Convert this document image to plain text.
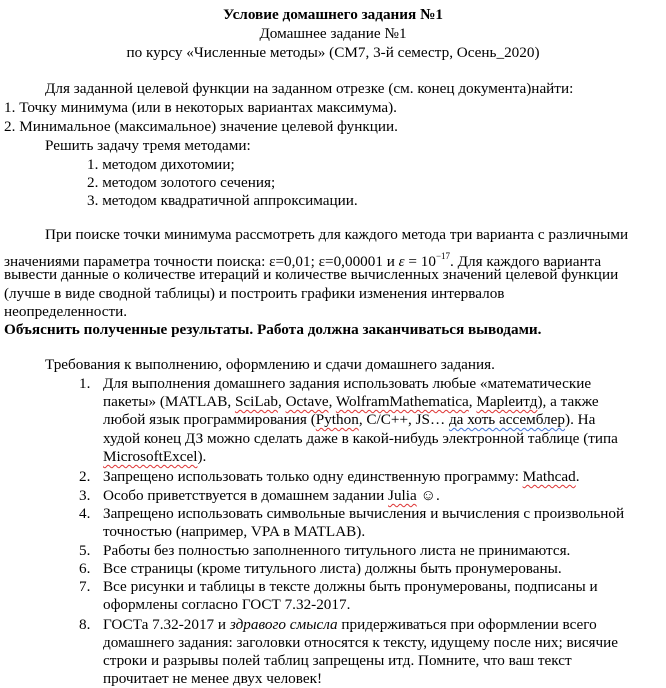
Условие домашнего задания №1
Домашнее задание №1
по курсу «Численные методы» (СМ7, 3-й семестр, Осень_2020)
Для заданной целевой функции на заданном отрезке (см. конец документа)найти:
1. Точку минимума (или в некоторых вариантах максимума).
2. Минимальное (максимальное) значение целевой функции.
Решить задачу тремя методами:
1. методом дихотомии;
2. методом золотого сечения;
3. методом квадратичной аппроксимации.
При поиске точки минимума рассмотреть для каждого метода три варианта с различными
значениями параметра точности поиска: ε=0,01; ε=0,00001 и $\varepsilon = 10^{-17}$. Для каждого варианта
вывести данные о количестве итераций и количестве вычисленных значений целевой функции
(лучше в виде сводной таблицы) и построить графики изменения интервалов
неопределенности.
Объяснить полученные результаты. Работа должна заканчиваться выводами.
Требования к выполнению, оформлению и сдачи домашнего задания.
1. Для выполнения домашнего задания использовать любые «математические
пакеты» (MATLAB, SciLab, Octave, WolframMathematica, Mapleитд), а также
любой язык программирования (Python, C/C++, JS… да хоть ассемблер). На
худой конец ДЗ можно сделать даже в какой-нибудь электронной таблице (типа
MicrosoftExcel).
2. Запрещено использовать только одну единственную программу: Mathcad.
3. Особо приветствуется в домашнем задании Julia ☺.
4. Запрещено использовать символьные вычисления и вычисления с произвольной
точностью (например, VPA в MATLAB).
5. Работы без полностью заполненного титульного листа не принимаются.
6. Все страницы (кроме титульного листа) должны быть пронумерованы.
7. Все рисунки и таблицы в тексте должны быть пронумерованы, подписаны и
оформлены согласно ГОСТ 7.32-2017.
8. ГОСТа 7.32-2017 и здравого смысла придерживаться при оформлении всего
домашнего задания: заголовки относятся к тексту, идущему после них; висячие
строки и разрывы полей таблиц запрещены итд. Помните, что ваш текст
прочитает не менее двух человек!
